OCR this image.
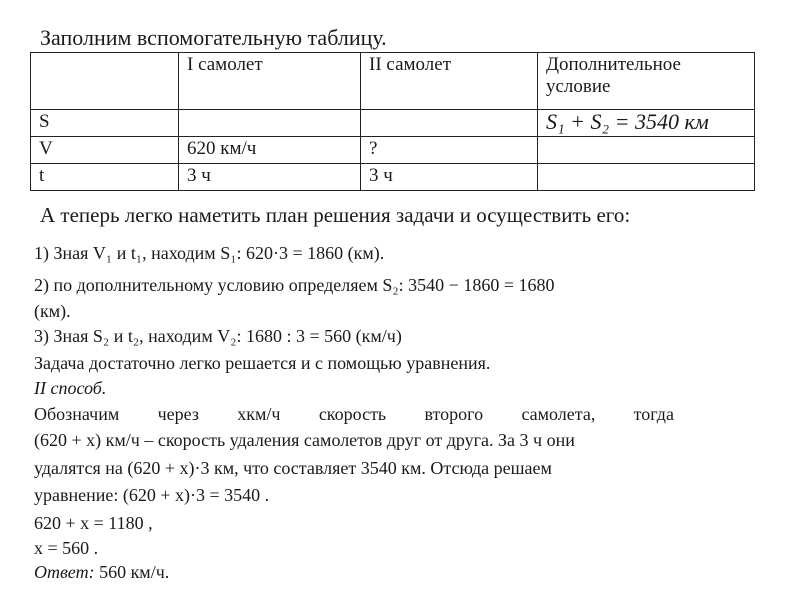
Заполним вспомогательную таблицу.
	I самолет	II самолет	Дополнительное условие
S			S₁ + S₂ = 3540 км
V	620 км/ч	?	
t	3 ч	3 ч	
А теперь легко наметить план решения задачи и осуществить его:
1) Зная V₁ и t₁, находим S₁: 620·3 = 1860 (км).
2) по дополнительному условию определяем S₂: 3540 − 1860 = 1680
(км).
3) Зная S₂ и t₂, находим V₂: 1680 : 3 = 560 (км/ч)
Задача достаточно легко решается и с помощью уравнения.
II способ.
Обозначим через хкм/ч скорость второго самолета, тогда
(620 + x) км/ч – скорость удаления самолетов друг от друга. За 3 ч они
удалятся на (620 + x)·3 км, что составляет 3540 км. Отсюда решаем
уравнение: (620 + x)·3 = 3540 .
620 + x = 1180 ,
x = 560 .
Ответ: 560 км/ч.
